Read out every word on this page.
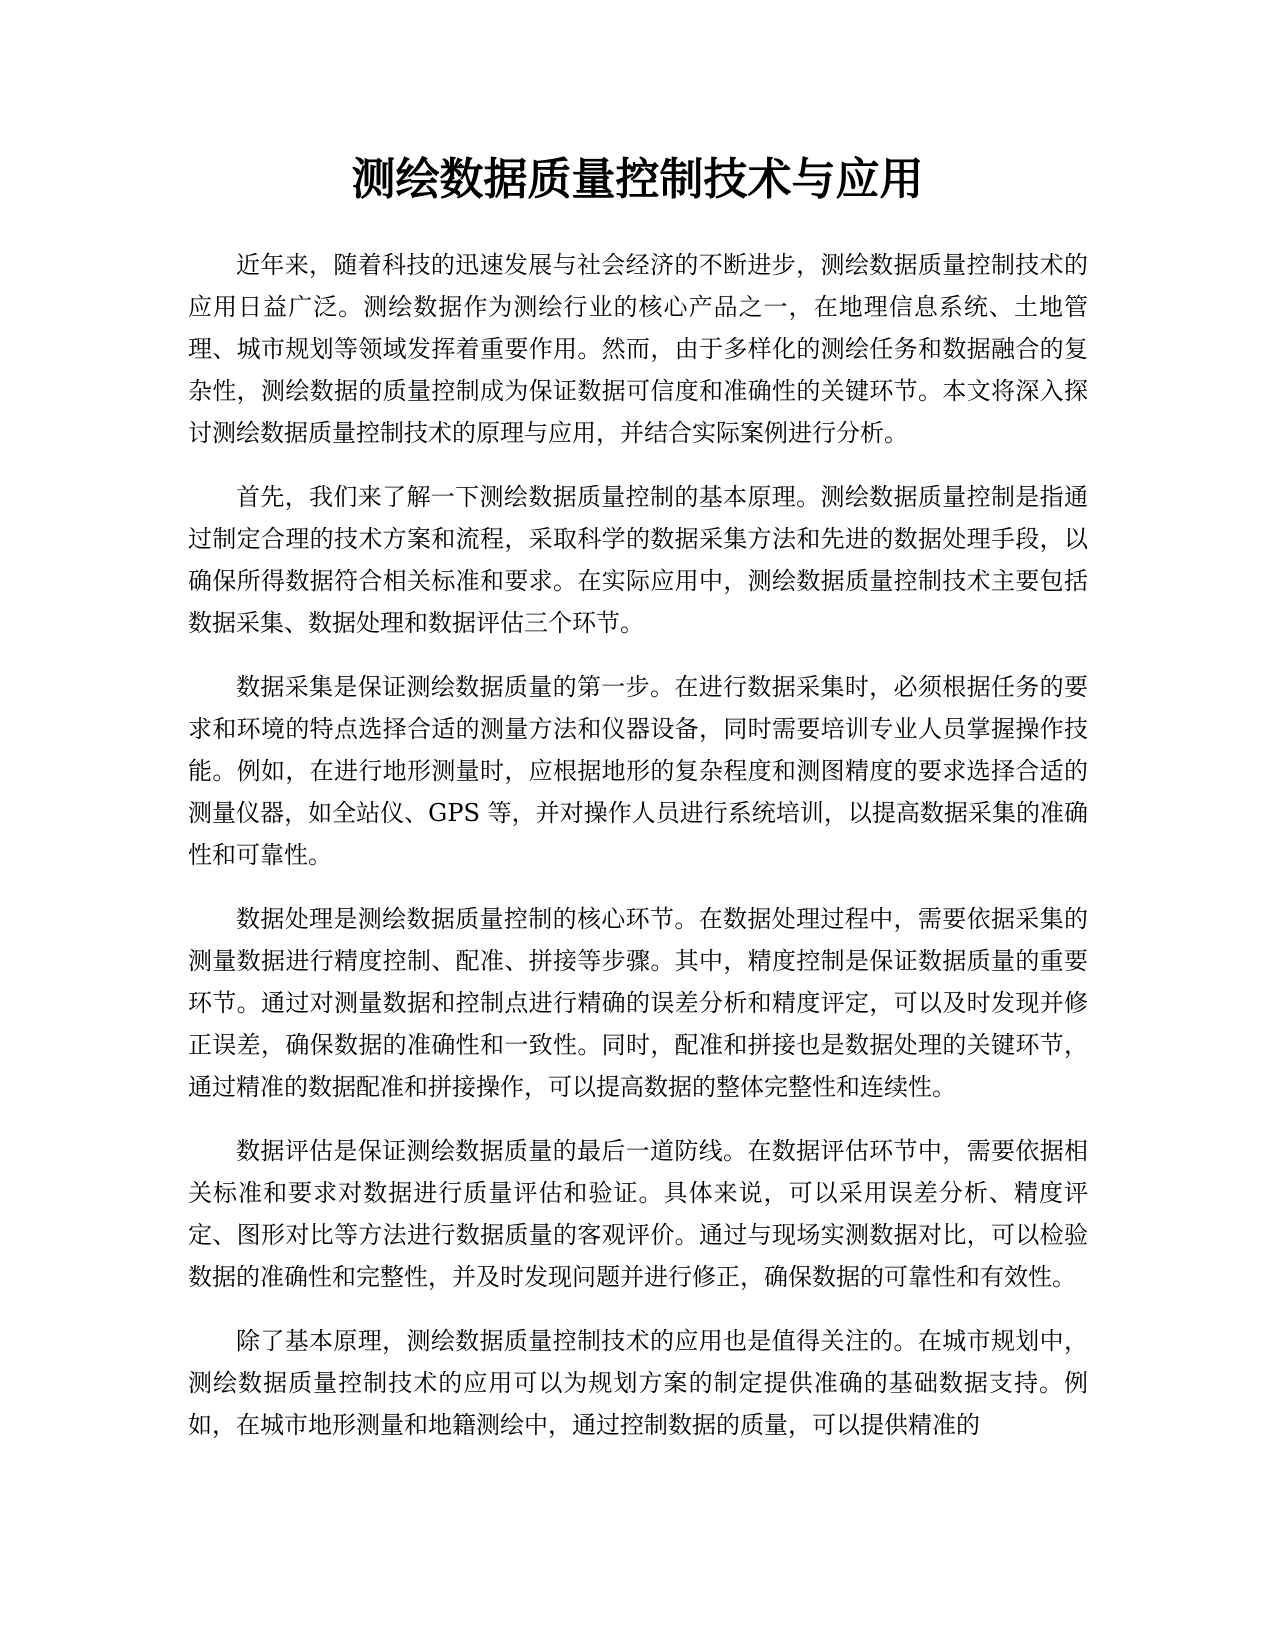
测绘数据质量控制技术与应用

近年来，随着科技的迅速发展与社会经济的不断进步，测绘数据质量控制技术的应用日益广泛。测绘数据作为测绘行业的核心产品之一，在地理信息系统、土地管理、城市规划等领域发挥着重要作用。然而，由于多样化的测绘任务和数据融合的复杂性，测绘数据的质量控制成为保证数据可信度和准确性的关键环节。本文将深入探讨测绘数据质量控制技术的原理与应用，并结合实际案例进行分析。

首先，我们来了解一下测绘数据质量控制的基本原理。测绘数据质量控制是指通过制定合理的技术方案和流程，采取科学的数据采集方法和先进的数据处理手段，以确保所得数据符合相关标准和要求。在实际应用中，测绘数据质量控制技术主要包括数据采集、数据处理和数据评估三个环节。

数据采集是保证测绘数据质量的第一步。在进行数据采集时，必须根据任务的要求和环境的特点选择合适的测量方法和仪器设备，同时需要培训专业人员掌握操作技能。例如，在进行地形测量时，应根据地形的复杂程度和测图精度的要求选择合适的测量仪器，如全站仪、GPS 等，并对操作人员进行系统培训，以提高数据采集的准确性和可靠性。

数据处理是测绘数据质量控制的核心环节。在数据处理过程中，需要依据采集的测量数据进行精度控制、配准、拼接等步骤。其中，精度控制是保证数据质量的重要环节。通过对测量数据和控制点进行精确的误差分析和精度评定，可以及时发现并修正误差，确保数据的准确性和一致性。同时，配准和拼接也是数据处理的关键环节，通过精准的数据配准和拼接操作，可以提高数据的整体完整性和连续性。

数据评估是保证测绘数据质量的最后一道防线。在数据评估环节中，需要依据相关标准和要求对数据进行质量评估和验证。具体来说，可以采用误差分析、精度评定、图形对比等方法进行数据质量的客观评价。通过与现场实测数据对比，可以检验数据的准确性和完整性，并及时发现问题并进行修正，确保数据的可靠性和有效性。

除了基本原理，测绘数据质量控制技术的应用也是值得关注的。在城市规划中，测绘数据质量控制技术的应用可以为规划方案的制定提供准确的基础数据支持。例如，在城市地形测量和地籍测绘中，通过控制数据的质量，可以提供精准的
